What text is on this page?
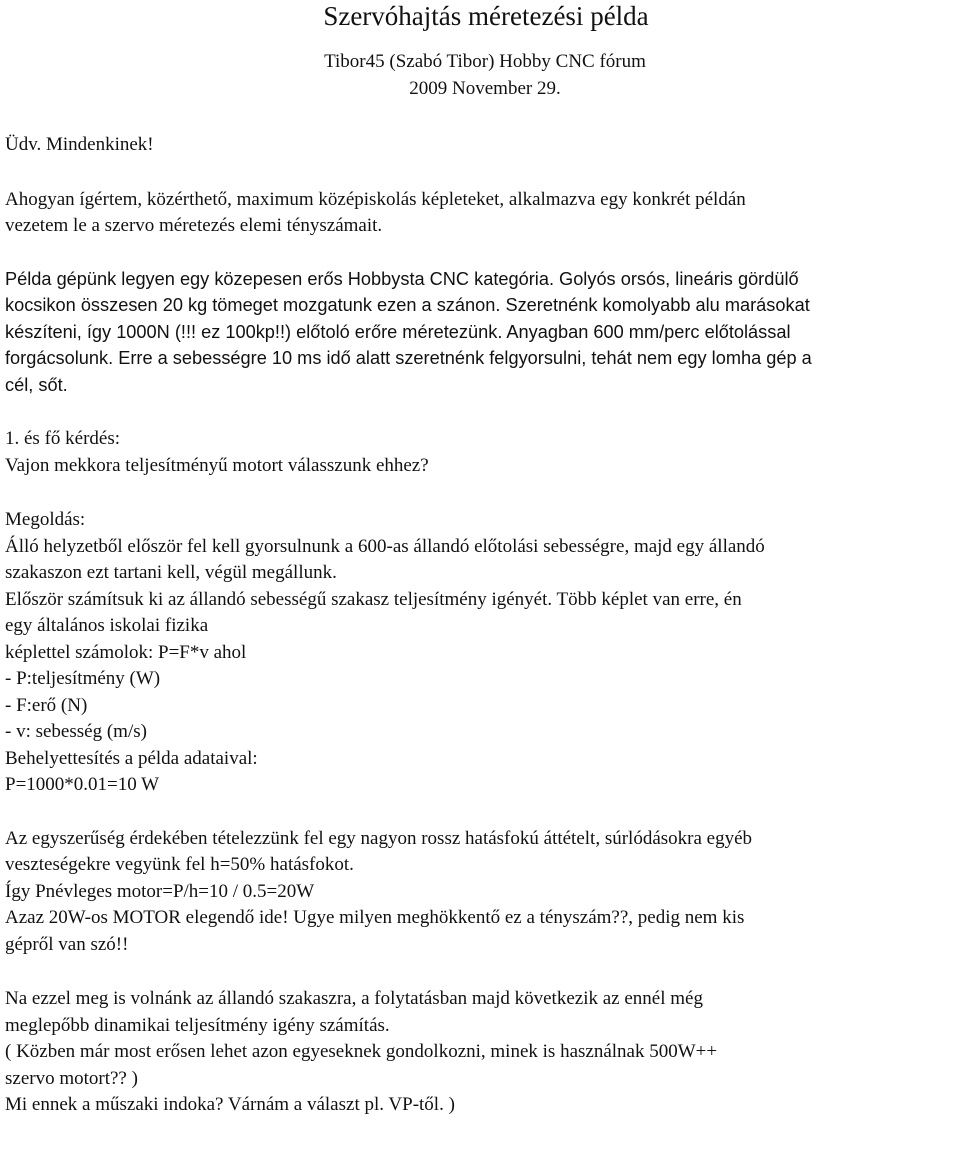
Szervóhajtás méretezési példa
Tibor45 (Szabó Tibor) Hobby CNC fórum
2009 November 29.
Üdv. Mindenkinek!
Ahogyan ígértem, közérthető, maximum középiskolás képleteket, alkalmazva egy konkrét példán
vezetem le a szervo méretezés elemi tényszámait.
Példa gépünk legyen egy közepesen erős Hobbysta CNC kategória. Golyós orsós, lineáris gördülő
kocsikon összesen 20 kg tömeget mozgatunk ezen a szánon. Szeretnénk komolyabb alu marásokat
készíteni, így 1000N (!!! ez 100kp!!) előtoló erőre méretezünk. Anyagban 600 mm/perc előtolással
forgácsolunk. Erre a sebességre 10 ms idő alatt szeretnénk felgyorsulni, tehát nem egy lomha gép a
cél, sőt.
1. és fő kérdés:
Vajon mekkora teljesítményű motort válasszunk ehhez?
Megoldás:
Álló helyzetből először fel kell gyorsulnunk a 600-as állandó előtolási sebességre, majd egy állandó
szakaszon ezt tartani kell, végül megállunk.
Először számítsuk ki az állandó sebességű szakasz teljesítmény igényét. Több képlet van erre, én
egy általános iskolai fizika
képlettel számolok: P=F*v ahol
- P:teljesítmény (W)
- F:erő (N)
- v: sebesség (m/s)
Behelyettesítés a példa adataival:
P=1000*0.01=10 W
Az egyszerűség érdekében tételezzünk fel egy nagyon rossz hatásfokú áttételt, súrlódásokra egyéb
veszteségekre vegyünk fel h=50% hatásfokot.
Így Pnévleges motor=P/h=10 / 0.5=20W
Azaz 20W-os MOTOR elegendő ide! Ugye milyen meghökkentő ez a tényszám??, pedig nem kis
gépről van szó!!
Na ezzel meg is volnánk az állandó szakaszra, a folytatásban majd következik az ennél még
meglepőbb dinamikai teljesítmény igény számítás.
( Közben már most erősen lehet azon egyeseknek gondolkozni, minek is használnak 500W++
szervo motort?? )
Mi ennek a műszaki indoka? Várnám a választ pl. VP-től. )
